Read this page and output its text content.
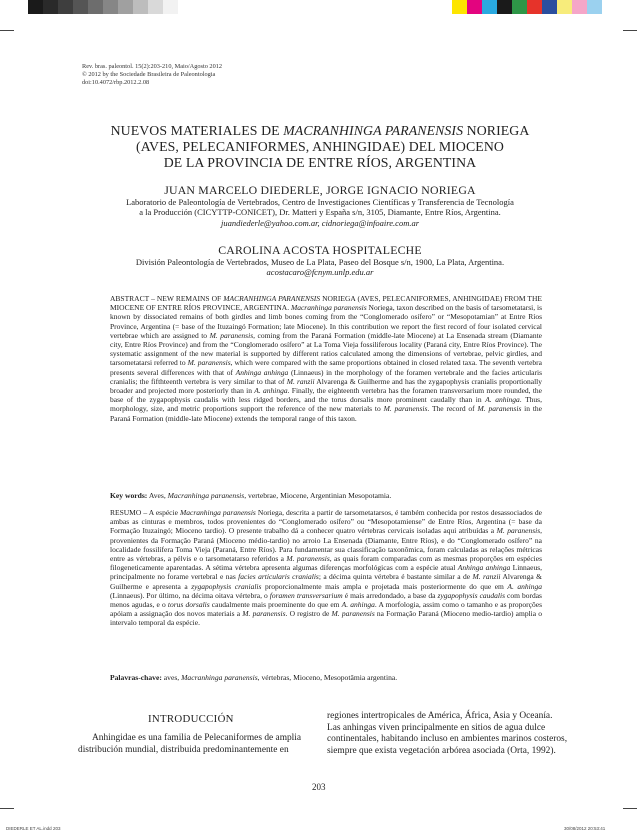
Rev. bras. paleontol. 15(2):203-210, Maio/Agosto 2012
© 2012 by the Sociedade Brasileira de Paleontologia
doi:10.4072/rbp.2012.2.08
NUEVOS MATERIALES DE MACRANHINGA PARANENSIS NORIEGA
(AVES, PELECANIFORMES, ANHINGIDAE) DEL MIOCENO
DE LA PROVINCIA DE ENTRE RÍOS, ARGENTINA
JUAN MARCELO DIEDERLE, JORGE IGNACIO NORIEGA
Laboratorio de Paleontología de Vertebrados, Centro de Investigaciones Científicas y Transferencia de Tecnología
a la Producción (CICYTTP-CONICET), Dr. Matteri y España s/n, 3105, Diamante, Entre Ríos, Argentina.
juandiederle@yahoo.com.ar, cidnoriega@infoaire.com.ar
CAROLINA ACOSTA HOSPITALECHE
División Paleontología de Vertebrados, Museo de La Plata, Paseo del Bosque s/n, 1900, La Plata, Argentina.
acostacaro@fcnym.unlp.edu.ar

ABSTRACT – NEW REMAINS OF MACRANHINGA PARANENSIS NORIEGA (AVES, PELECANIFORMES, ANHINGIDAE) FROM THE MIOCENE OF ENTRE RÍOS PROVINCE, ARGENTINA. Macranhinga paranensis Noriega, taxon described on the basis of tarsometatarsi, is known by dissociated remains of both girdles and limb bones coming from the “Conglomerado osífero” or “Mesopotamian” at Entre Ríos Province, Argentina (= base of the Ituzaingó Formation; late Miocene). In this contribution we report the first record of four isolated cervical vertebrae which are assigned to M. paranensis, coming from the Paraná Formation (middle-late Miocene) at La Ensenada stream (Diamante city, Entre Ríos Province) and from the “Conglomerado osífero” at La Toma Vieja fossiliferous locality (Paraná city, Entre Ríos Province). The systematic assignment of the new material is supported by different ratios calculated among the dimensions of vertebrae, pelvic girdles, and tarsometatarsi referred to M. paranensis, which were compared with the same proportions obtained in closed related taxa. The seventh vertebra presents several differences with that of Anhinga anhinga (Linnaeus) in the morphology of the foramen vertebrale and the facies articularis cranialis; the fifthteenth vertebra is very similar to that of M. ranzii Alvarenga & Guilherme and has the zygapophysis cranialis proportionally broader and projected more posteriorly than in A. anhinga. Finally, the eighteenth vertebra has the foramen transversarium more rounded, the base of the zygapophysis caudalis with less ridged borders, and the torus dorsalis more prominent caudally than in A. anhinga. Thus, morphology, size, and metric proportions support the reference of the new materials to M. paranensis. The record of M. paranensis in the Paraná Formation (middle-late Miocene) extends the temporal range of this taxon.

Key words: Aves, Macranhinga paranensis, vertebrae, Miocene, Argentinian Mesopotamia.

RESUMO – A espécie Macranhinga paranensis Noriega, descrita a partir de tarsometatarsos, é também conhecida por restos desassociados de ambas as cinturas e membros, todos provenientes do “Conglomerado osífero” ou “Mesopotamiense” de Entre Ríos, Argentina (= base da Formação Ituzaingó; Mioceno tardio). O presente trabalho dá a conhecer quatro vértebras cervicais isoladas aqui atribuídas a M. paranensis, provenientes da Formação Paraná (Mioceno médio-tardio) no arroio La Ensenada (Diamante, Entre Ríos), e do “Conglomerado osífero” na localidade fossilífera Toma Vieja (Paraná, Entre Ríos). Para fundamentar sua classificação taxonômica, foram calculadas as relações métricas entre as vértebras, a pélvis e o tarsometatarso referidos a M. paranensis, as quais foram comparadas com as mesmas proporções em espécies filogeneticamente aparentadas. A sétima vértebra apresenta algumas diferenças morfológicas com a espécie atual Anhinga anhinga Linnaeus, principalmente no forame vertebral e nas facies articularis cranialis; a décima quinta vértebra é bastante similar a de M. ranzii Alvarenga & Guilherme e apresenta a zygapophysis cranialis proporcionalmente mais ampla e projetada mais posteriormente do que em A. anhinga (Linnaeus). Por último, na décima oitava vértebra, o foramen transversarium é mais arredondado, a base da zygapophysis caudalis com bordas menos agudas, e o torus dorsalis caudalmente mais proeminente do que em A. anhinga. A morfologia, assim como o tamanho e as proporções apóiam a assignação dos novos materiais a M. paranensis. O registro de M. paranensis na Formação Paraná (Mioceno medio-tardio) amplia o intervalo temporal da espécie.

Palavras-chave: aves, Macranhinga paranensis, vértebras, Mioceno, Mesopotâmia argentina.
INTRODUCCIÓN
Anhingidae es una familia de Pelecaniformes de amplia
distribución mundial, distribuida predominantemente en
regiones intertropicales de América, África, Asia y Oceanía.
Las anhingas viven principalmente en sitios de agua dulce
continentales, habitando incluso en ambientes marinos costeros,
siempre que exista vegetación arbórea asociada (Orta, 1992).
203
DIEDERLE ET AL.indd 203	30/08/2012 20:53:41
